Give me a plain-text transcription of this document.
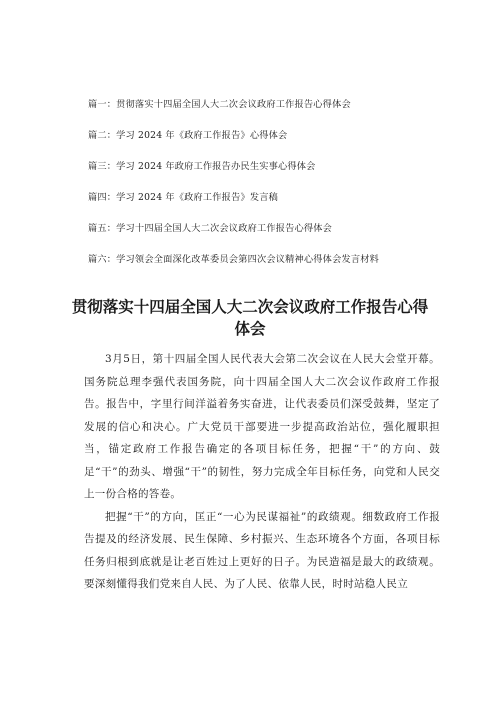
篇一：贯彻落实十四届全国人大二次会议政府工作报告心得体会

篇二：学习 2024 年《政府工作报告》心得体会

篇三：学习 2024 年政府工作报告办民生实事心得体会

篇四：学习 2024 年《政府工作报告》发言稿

篇五：学习十四届全国人大二次会议政府工作报告心得体会

篇六：学习领会全面深化改革委员会第四次会议精神心得体会发言材料

贯彻落实十四届全国人大二次会议政府工作报告心得体会

3月5日，第十四届全国人民代表大会第二次会议在人民大会堂开幕。国务院总理李强代表国务院，向十四届全国人大二次会议作政府工作报告。报告中，字里行间洋溢着务实奋进，让代表委员们深受鼓舞，坚定了发展的信心和决心。广大党员干部要进一步提高政治站位，强化履职担当，锚定政府工作报告确定的各项目标任务，把握“干”的方向、鼓足“干”的劲头、增强“干”的韧性，努力完成全年目标任务，向党和人民交上一份合格的答卷。

把握“干”的方向，匡正“一心为民谋福祉”的政绩观。细数政府工作报告提及的经济发展、民生保障、乡村振兴、生态环境各个方面，各项目标任务归根到底就是让老百姓过上更好的日子。为民造福是最大的政绩观。要深刻懂得我们党来自人民、为了人民、依靠人民，时时站稳人民立
